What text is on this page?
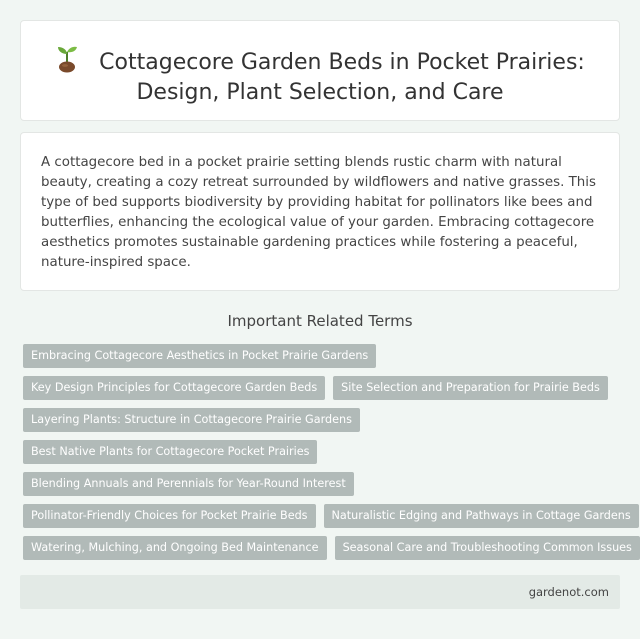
Cottagecore Garden Beds in Pocket Prairies:
Design, Plant Selection, and Care

A cottagecore bed in a pocket prairie setting blends rustic charm with natural beauty, creating a cozy retreat surrounded by wildflowers and native grasses. This type of bed supports biodiversity by providing habitat for pollinators like bees and butterflies, enhancing the ecological value of your garden. Embracing cottagecore aesthetics promotes sustainable gardening practices while fostering a peaceful, nature-inspired space.

Important Related Terms
Embracing Cottagecore Aesthetics in Pocket Prairie Gardens
Key Design Principles for Cottagecore Garden Beds	Site Selection and Preparation for Prairie Beds
Layering Plants: Structure in Cottagecore Prairie Gardens
Best Native Plants for Cottagecore Pocket Prairies
Blending Annuals and Perennials for Year-Round Interest
Pollinator-Friendly Choices for Pocket Prairie Beds	Naturalistic Edging and Pathways in Cottage Gardens
Watering, Mulching, and Ongoing Bed Maintenance	Seasonal Care and Troubleshooting Common Issues
gardenot.com
